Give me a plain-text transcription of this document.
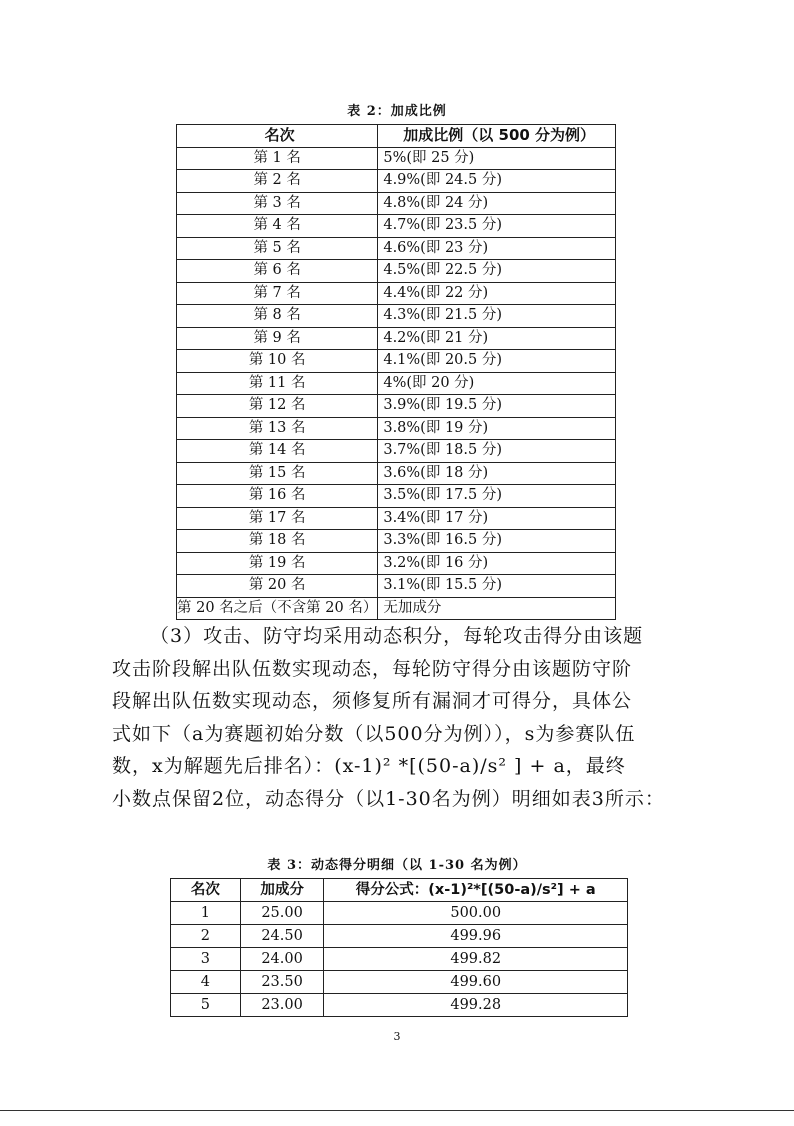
表 2：加成比例
名次	加成比例（以 500 分为例）
第 1 名	5%(即 25 分)
第 2 名	4.9%(即 24.5 分)
第 3 名	4.8%(即 24 分)
第 4 名	4.7%(即 23.5 分)
第 5 名	4.6%(即 23 分)
第 6 名	4.5%(即 22.5 分)
第 7 名	4.4%(即 22 分)
第 8 名	4.3%(即 21.5 分)
第 9 名	4.2%(即 21 分)
第 10 名	4.1%(即 20.5 分)
第 11 名	4%(即 20 分)
第 12 名	3.9%(即 19.5 分)
第 13 名	3.8%(即 19 分)
第 14 名	3.7%(即 18.5 分)
第 15 名	3.6%(即 18 分)
第 16 名	3.5%(即 17.5 分)
第 17 名	3.4%(即 17 分)
第 18 名	3.3%(即 16.5 分)
第 19 名	3.2%(即 16 分)
第 20 名	3.1%(即 15.5 分)
第 20 名之后（不含第 20 名）	无加成分

（3）攻击、防守均采用动态积分，每轮攻击得分由该题

攻击阶段解出队伍数实现动态，每轮防守得分由该题防守阶

段解出队伍数实现动态，须修复所有漏洞才可得分，具体公

式如下（a为赛题初始分数（以500分为例）），s为参赛队伍

数，x为解题先后排名）：(x-1)² *[(50-a)/s² ] + a，最终

小数点保留2位，动态得分（以1-30名为例）明细如表3所示：

表 3：动态得分明细（以 1-30 名为例）
名次	加成分	得分公式：(x-1)²*[(50-a)/s²] + a
1	25.00	500.00
2	24.50	499.96
3	24.00	499.82
4	23.50	499.60
5	23.00	499.28
3
